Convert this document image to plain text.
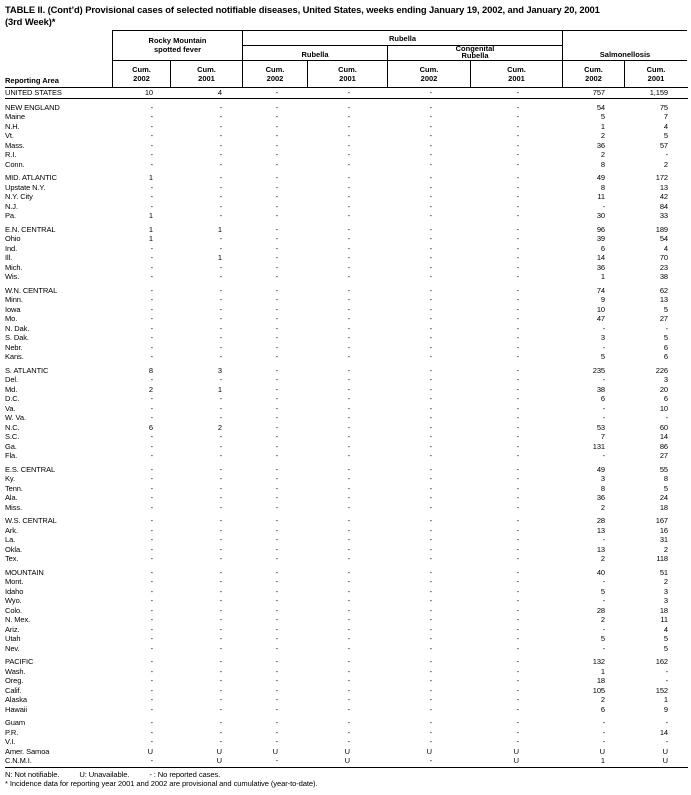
TABLE II. (Cont’d) Provisional cases of selected notifiable diseases, United States, weeks ending January 19, 2002, and January 20, 2001
(3rd Week)*
Reporting Area
Rocky Mountain
spotted fever
Rubella
Rubella
Congenital
Rubella	Salmonellosis
Cum.
2002
Cum.
2001
Cum.
2002
Cum.
2001
Cum.
2002
Cum.
2001
Cum.
2002
Cum.
2001
UNITED STATES	10	4	-	-	-	-	757	1,159
NEW ENGLAND	-	-	-	-	-	-	54	75
Maine	-	-	-	-	-	-	5	7
N.H.	-	-	-	-	-	-	1	4
Vt.	-	-	-	-	-	-	2	5
Mass.	-	-	-	-	-	-	36	57
R.I.	-	-	-	-	-	-	2	-
Conn.	-	-	-	-	-	-	8	2
MID. ATLANTIC	1	-	-	-	-	-	49	172
Upstate N.Y.	-	-	-	-	-	-	8	13
N.Y. City	-	-	-	-	-	-	11	42
N.J.	-	-	-	-	-	-	-	84
Pa.	1	-	-	-	-	-	30	33
E.N. CENTRAL	1	1	-	-	-	-	96	189
Ohio	1	-	-	-	-	-	39	54
Ind.	-	-	-	-	-	-	6	4
Ill.	-	1	-	-	-	-	14	70
Mich.	-	-	-	-	-	-	36	23
Wis.	-	-	-	-	-	-	1	38
W.N. CENTRAL	-	-	-	-	-	-	74	62
Minn.	-	-	-	-	-	-	9	13
Iowa	-	-	-	-	-	-	10	5
Mo.	-	-	-	-	-	-	47	27
N. Dak.	-	-	-	-	-	-	-	-
S. Dak.	-	-	-	-	-	-	3	5
Nebr.	-	-	-	-	-	-	-	6
Kans.	-	-	-	-	-	-	5	6
S. ATLANTIC	8	3	-	-	-	-	235	226
Del.	-	-	-	-	-	-	-	3
Md.	2	1	-	-	-	-	38	20
D.C.	-	-	-	-	-	-	6	6
Va.	-	-	-	-	-	-	-	10
W. Va.	-	-	-	-	-	-	-	-
N.C.	6	2	-	-	-	-	53	60
S.C.	-	-	-	-	-	-	7	14
Ga.	-	-	-	-	-	-	131	86
Fla.	-	-	-	-	-	-	-	27
E.S. CENTRAL	-	-	-	-	-	-	49	55
Ky.	-	-	-	-	-	-	3	8
Tenn.	-	-	-	-	-	-	8	5
Ala.	-	-	-	-	-	-	36	24
Miss.	-	-	-	-	-	-	2	18
W.S. CENTRAL	-	-	-	-	-	-	28	167
Ark.	-	-	-	-	-	-	13	16
La.	-	-	-	-	-	-	-	31
Okla.	-	-	-	-	-	-	13	2
Tex.	-	-	-	-	-	-	2	118
MOUNTAIN	-	-	-	-	-	-	40	51
Mont.	-	-	-	-	-	-	-	2
Idaho	-	-	-	-	-	-	5	3
Wyo.	-	-	-	-	-	-	-	3
Colo.	-	-	-	-	-	-	28	18
N. Mex.	-	-	-	-	-	-	2	11
Ariz.	-	-	-	-	-	-	-	4
Utah	-	-	-	-	-	-	5	5
Nev.	-	-	-	-	-	-	-	5
PACIFIC	-	-	-	-	-	-	132	162
Wash.	-	-	-	-	-	-	1	-
Oreg.	-	-	-	-	-	-	18	-
Calif.	-	-	-	-	-	-	105	152
Alaska	-	-	-	-	-	-	2	1
Hawaii	-	-	-	-	-	-	6	9
Guam	-	-	-	-	-	-	-	-
P.R.	-	-	-	-	-	-	-	14
V.I.	-	-	-	-	-	-	-	-
Amer. Samoa	U	U	U	U	U	U	U	U
C.N.M.I.	-	U	-	U	-	U	1	U
N: Not notifiable.	U: Unavailable.	- : No reported cases.
* Incidence data for reporting year 2001 and 2002 are provisional and cumulative (year-to-date).
